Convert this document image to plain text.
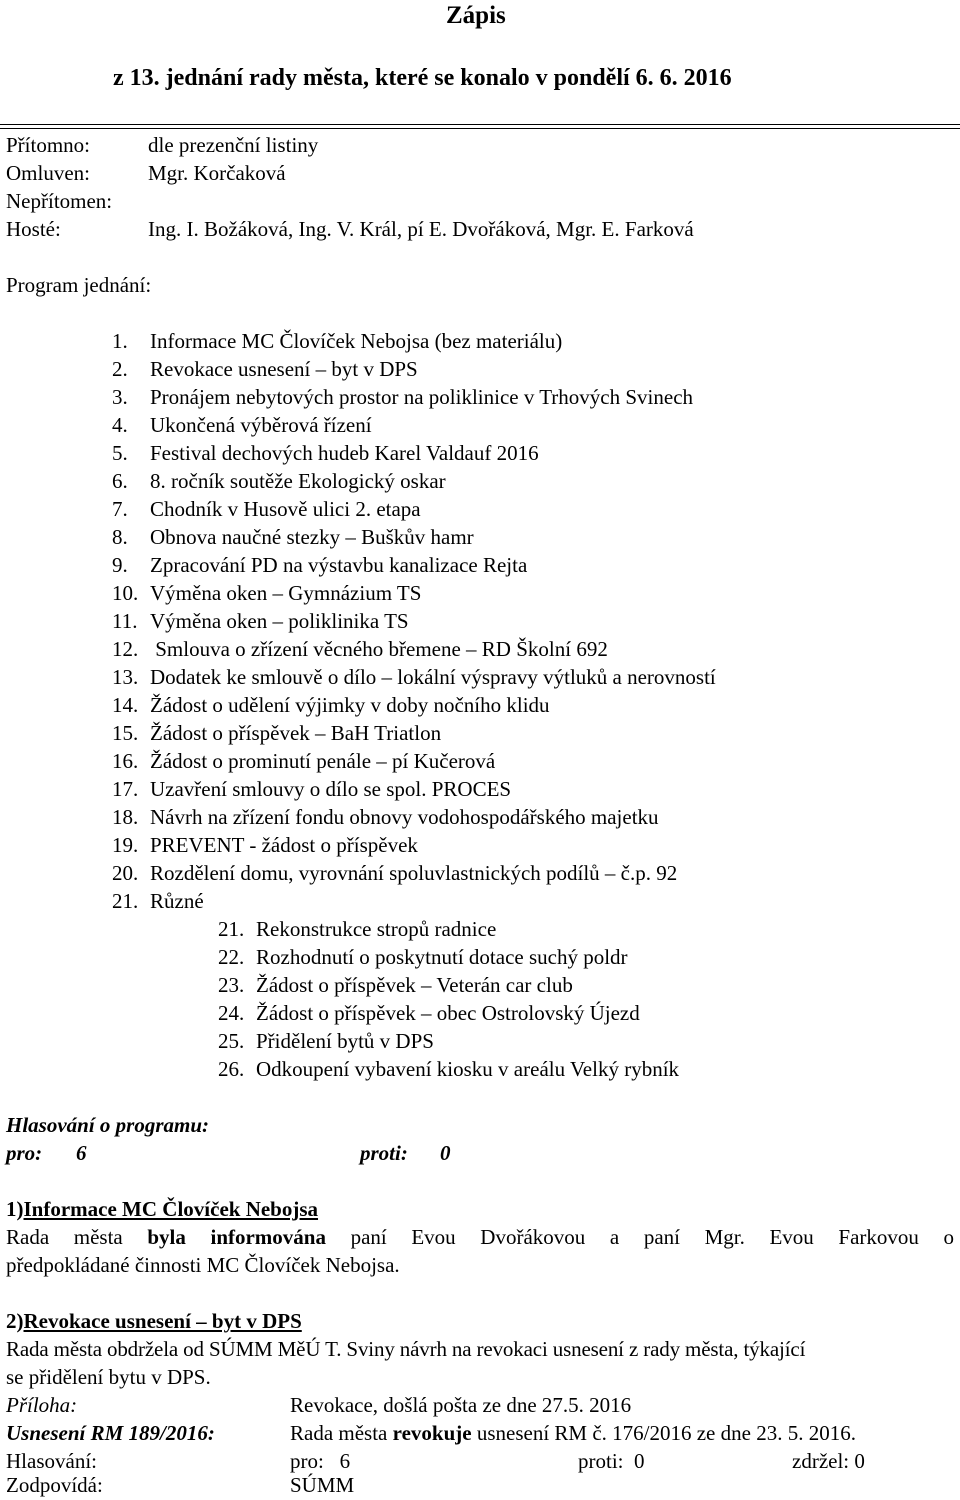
Zápis
z 13. jednání rady města, které se konalo v pondělí 6. 6. 2016
Přítomno:	dle prezenční listiny
Omluven:	Mgr. Korčaková
Nepřítomen:
Hosté:	Ing. I. Božáková, Ing. V. Král, pí E. Dvořáková, Mgr. E. Farková
Program jednání:
1. Informace MC Človíček Nebojsa (bez materiálu)
2. Revokace usnesení – byt v DPS
3. Pronájem nebytových prostor na poliklinice v Trhových Svinech
4. Ukončená výběrová řízení
5. Festival dechových hudeb Karel Valdauf 2016
6. 8. ročník soutěže Ekologický oskar
7. Chodník v Husově ulici 2. etapa
8. Obnova naučné stezky – Buškův hamr
9. Zpracování PD na výstavbu kanalizace Rejta
10. Výměna oken – Gymnázium TS
11. Výměna oken – poliklinika TS
12. Smlouva o zřízení věcného břemene – RD Školní 692
13. Dodatek ke smlouvě o dílo – lokální výspravy výtluků a nerovností
14. Žádost o udělení výjimky v doby nočního klidu
15. Žádost o příspěvek – BaH Triatlon
16. Žádost o prominutí penále – pí Kučerová
17. Uzavření smlouvy o dílo se spol. PROCES
18. Návrh na zřízení fondu obnovy vodohospodářského majetku
19. PREVENT - žádost o příspěvek
20. Rozdělení domu, vyrovnání spoluvlastnických podílů – č.p. 92
21. Různé
21. Rekonstrukce stropů radnice
22. Rozhodnutí o poskytnutí dotace suchý poldr
23. Žádost o příspěvek – Veterán car club
24. Žádost o příspěvek – obec Ostrolovský Újezd
25. Přidělení bytů v DPS
26. Odkoupení vybavení kiosku v areálu Velký rybník
Hlasování o programu:
pro: 6	proti: 0
1)Informace MC Človíček Nebojsa
Rada města byla informována paní Evou Dvořákovou a paní Mgr. Evou Farkovou o
předpokládané činnosti MC Človíček Nebojsa.
2)Revokace usnesení – byt v DPS
Rada města obdržela od SÚMM MěÚ T. Sviny návrh na revokaci usnesení z rady města, týkající
se přidělení bytu v DPS.
Příloha:	Revokace, došlá pošta ze dne 27.5. 2016
Usnesení RM 189/2016:	Rada města revokuje usnesení RM č. 176/2016 ze dne 23. 5. 2016.
Hlasování:	pro:   6	proti:  0	zdržel: 0
Zodpovídá:	SÚMM
